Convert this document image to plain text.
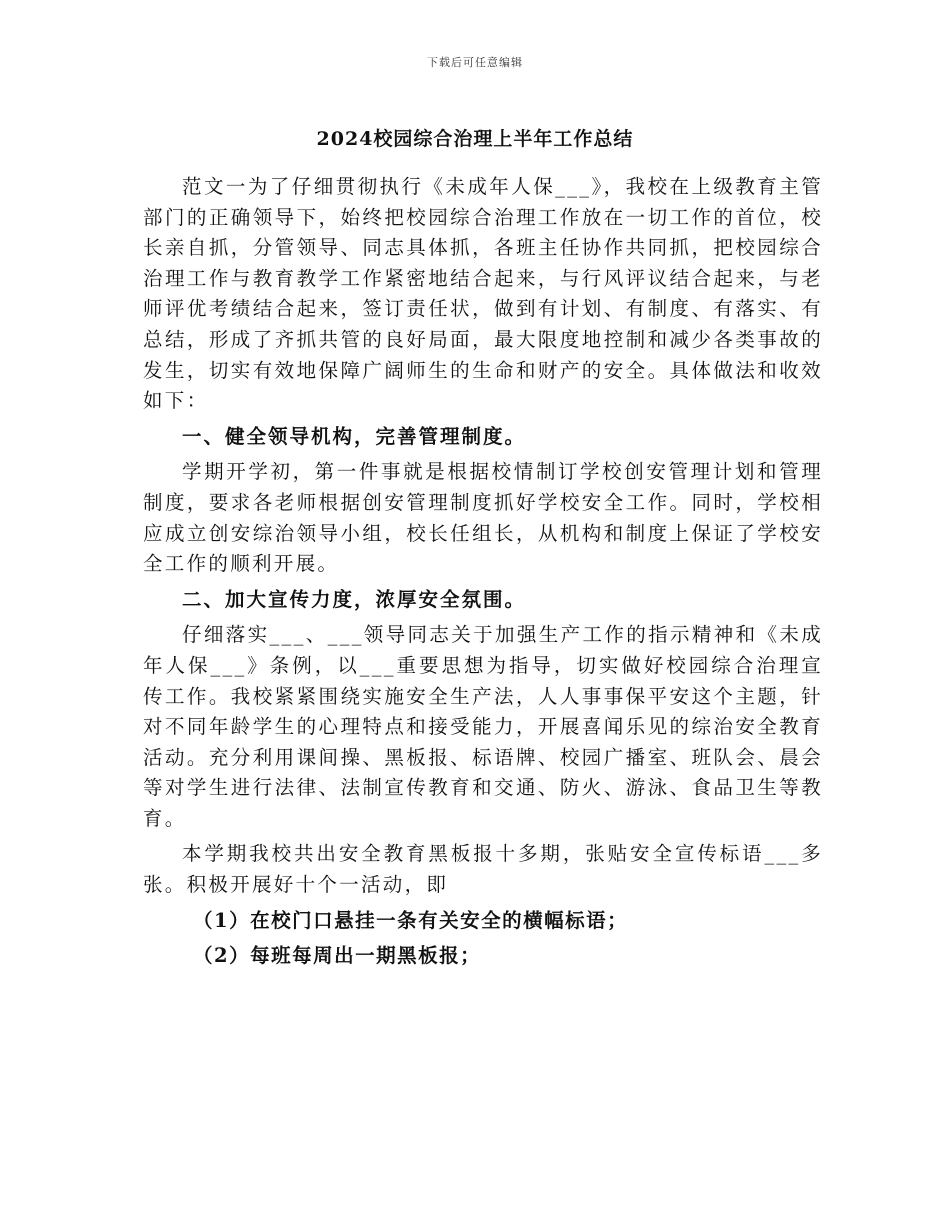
下载后可任意编辑
2024校园综合治理上半年工作总结

范文一为了仔细贯彻执行《未成年人保___》，我校在上级教育主管部门的正确领导下，始终把校园综合治理工作放在一切工作的首位，校长亲自抓，分管领导、同志具体抓，各班主任协作共同抓，把校园综合治理工作与教育教学工作紧密地结合起来，与行风评议结合起来，与老师评优考绩结合起来，签订责任状，做到有计划、有制度、有落实、有总结，形成了齐抓共管的良好局面，最大限度地控制和减少各类事故的发生，切实有效地保障广阔师生的生命和财产的安全。具体做法和收效如下：

一、健全领导机构，完善管理制度。

学期开学初，第一件事就是根据校情制订学校创安管理计划和管理制度，要求各老师根据创安管理制度抓好学校安全工作。同时，学校相应成立创安综治领导小组，校长任组长，从机构和制度上保证了学校安全工作的顺利开展。

二、加大宣传力度，浓厚安全氛围。

仔细落实___、___领导同志关于加强生产工作的指示精神和《未成年人保___》条例，以___重要思想为指导，切实做好校园综合治理宣传工作。我校紧紧围绕实施安全生产法，人人事事保平安这个主题，针对不同年龄学生的心理特点和接受能力，开展喜闻乐见的综治安全教育活动。充分利用课间操、黑板报、标语牌、校园广播室、班队会、晨会等对学生进行法律、法制宣传教育和交通、防火、游泳、食品卫生等教育。

本学期我校共出安全教育黑板报十多期，张贴安全宣传标语___多张。积极开展好十个一活动，即

（1）在校门口悬挂一条有关安全的横幅标语；

（2）每班每周出一期黑板报；
